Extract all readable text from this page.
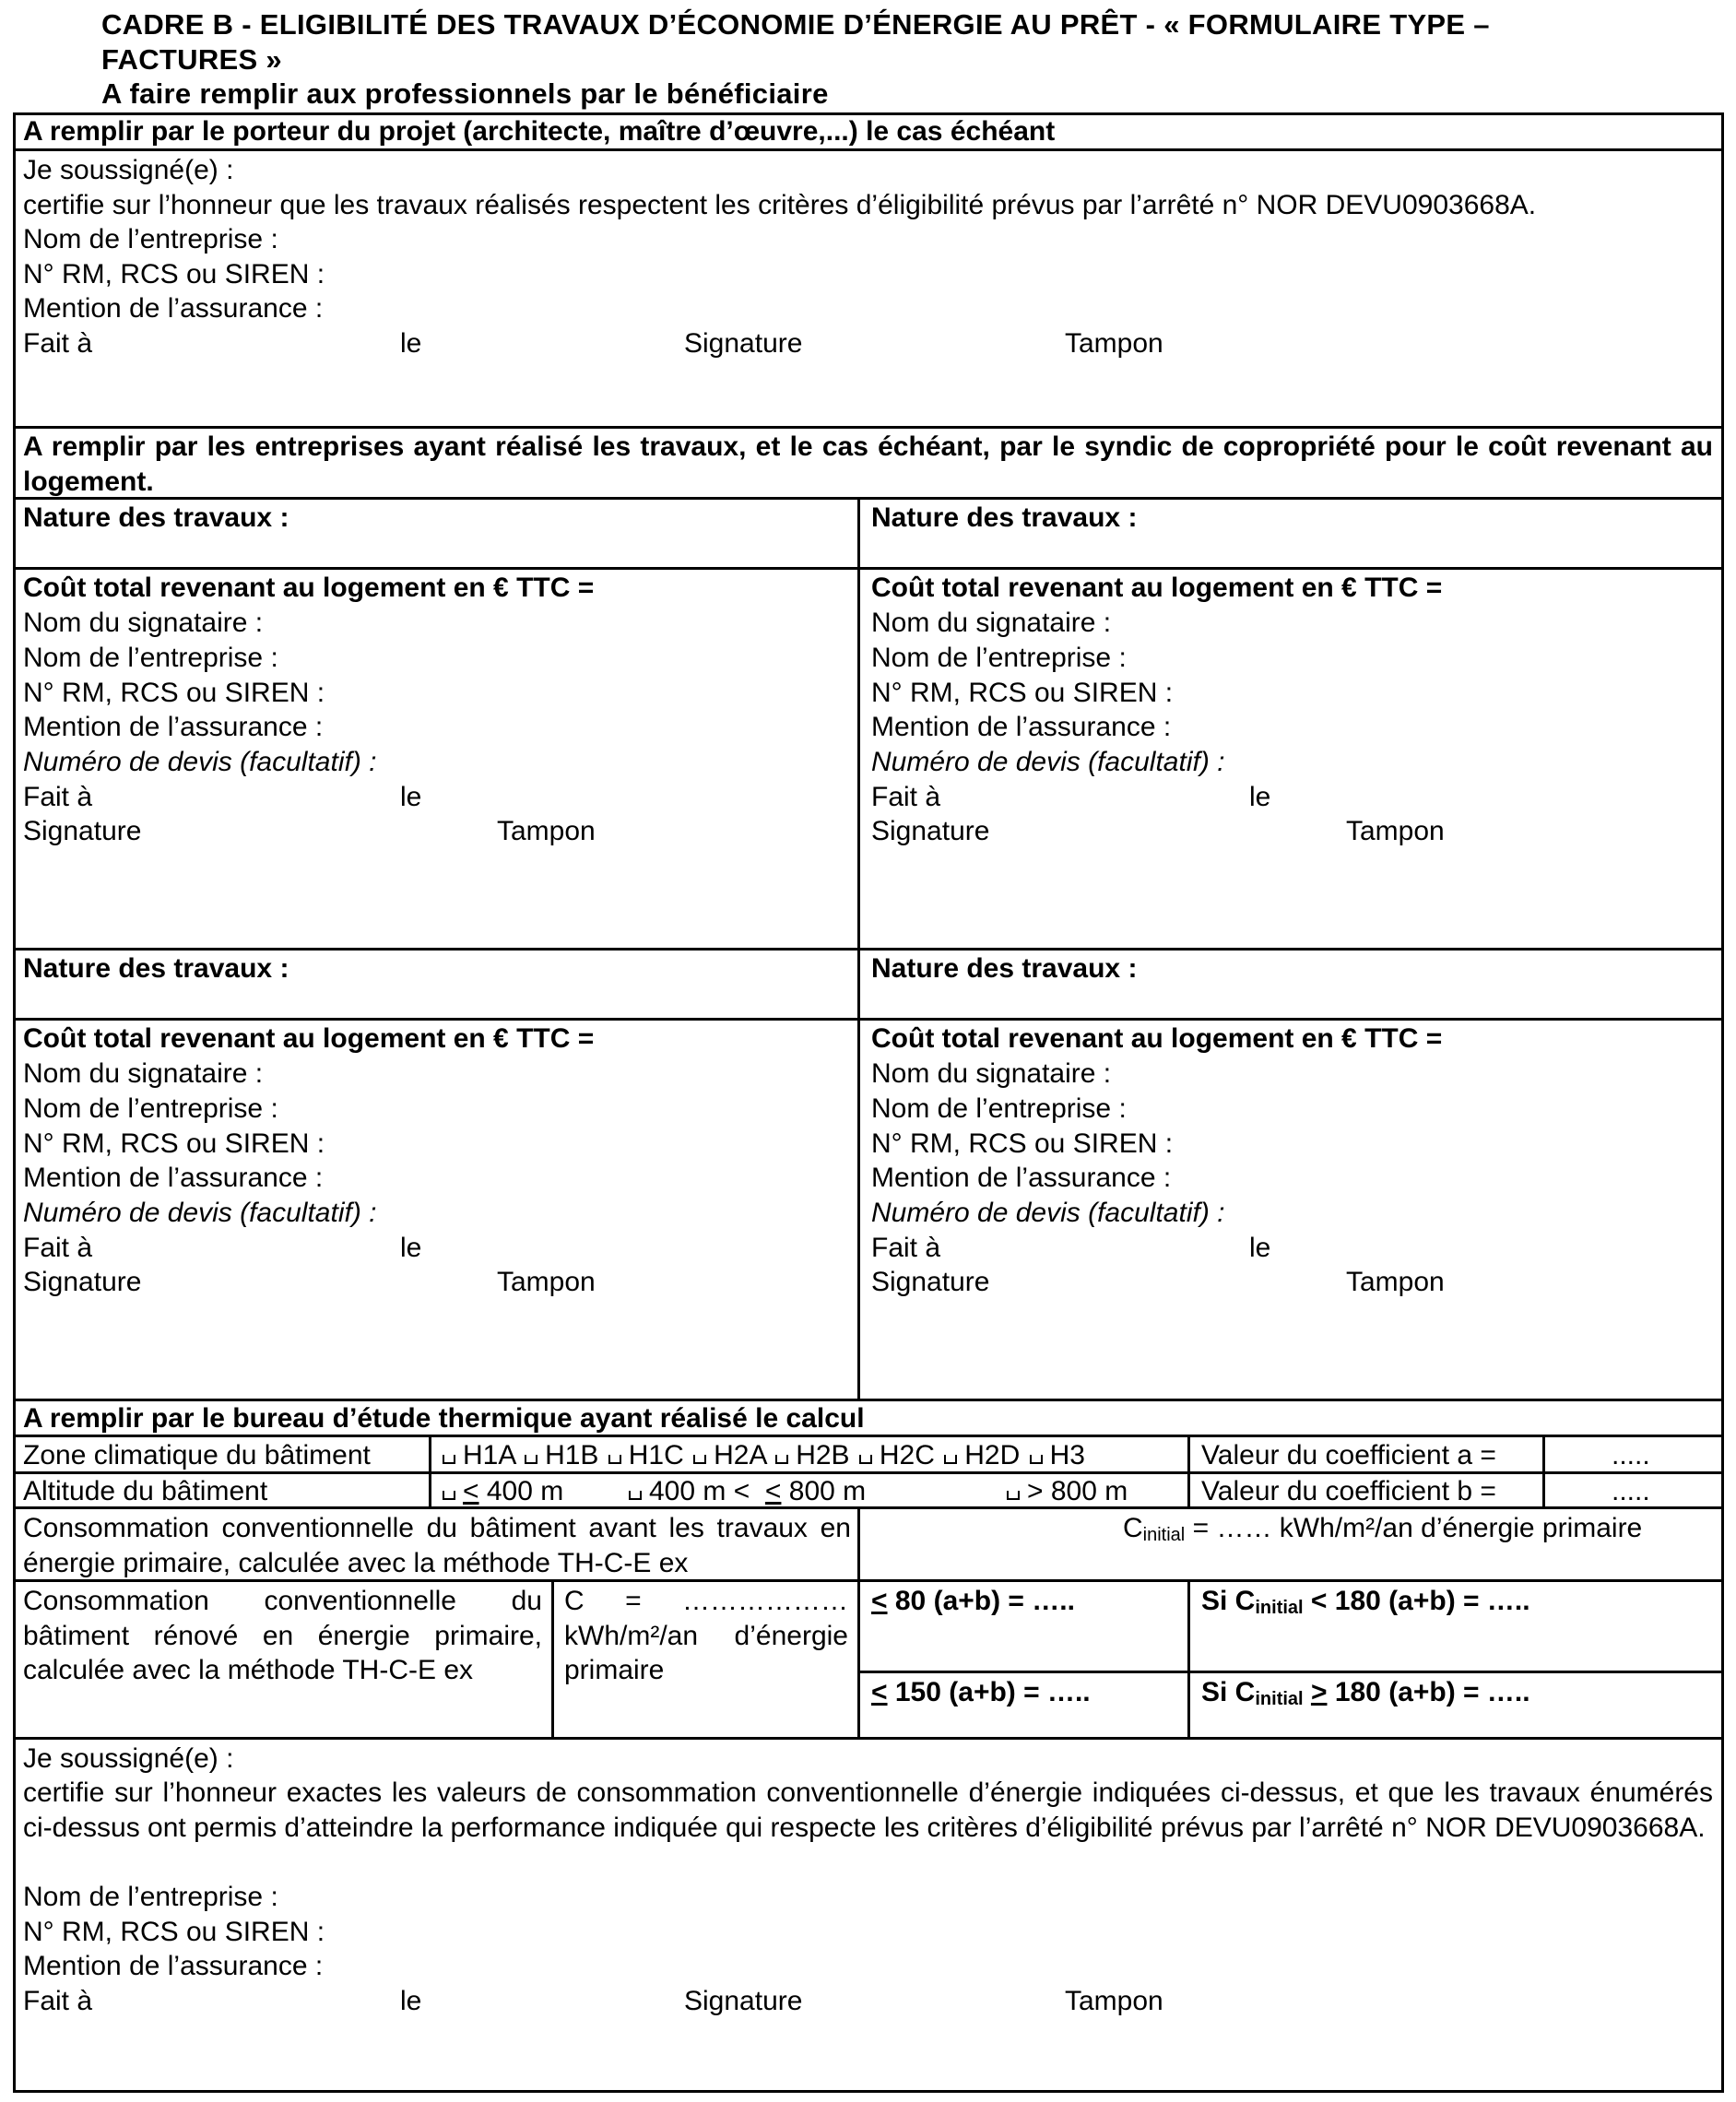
CADRE B - ELIGIBILITÉ DES TRAVAUX D’ÉCONOMIE D’ÉNERGIE AU PRÊT - « FORMULAIRE TYPE –
FACTURES »
A faire remplir aux professionnels par le bénéficiaire
A remplir par le porteur du projet (architecte, maître d’œuvre,...) le cas échéant
Je soussigné(e) :
certifie sur l’honneur que les travaux réalisés respectent les critères d’éligibilité prévus par l’arrêté n° NOR DEVU0903668A.
Nom de l’entreprise :
N° RM, RCS ou SIREN :
Mention de l’assurance :
Fait à	le	Signature	Tampon
A remplir par les entreprises ayant réalisé les travaux, et le cas échéant, par le syndic de copropriété pour le coût revenant au logement.
Nature des travaux :
Coût total revenant au logement en € TTC =
Nom du signataire :
Nom de l’entreprise :
N° RM, RCS ou SIREN :
Mention de l’assurance :
Numéro de devis (facultatif) :
Fait à	le
Signature	Tampon
Nature des travaux :
Coût total revenant au logement en € TTC =
Nom du signataire :
Nom de l’entreprise :
N° RM, RCS ou SIREN :
Mention de l’assurance :
Numéro de devis (facultatif) :
Fait à	le
Signature	Tampon
Nature des travaux :
Coût total revenant au logement en € TTC =
Nom du signataire :
Nom de l’entreprise :
N° RM, RCS ou SIREN :
Mention de l’assurance :
Numéro de devis (facultatif) :
Fait à	le
Signature	Tampon
Nature des travaux :
Coût total revenant au logement en € TTC =
Nom du signataire :
Nom de l’entreprise :
N° RM, RCS ou SIREN :
Mention de l’assurance :
Numéro de devis (facultatif) :
Fait à	le
Signature	Tampon
A remplir par le bureau d’étude thermique ayant réalisé le calcul
Zone climatique du bâtiment	H1A H1B H1C H2A H2B H2C H2D H3	Valeur du coefficient a =	.....
Altitude du bâtiment	≤ 400 m	400 m < ≤ 800 m	> 800 m	Valeur du coefficient b =	.....
Consommation conventionnelle du bâtiment avant les travaux en énergie primaire, calculée avec la méthode TH-C-E ex
$C_{initial}$ = …… kWh/m²/an d’énergie primaire
Consommation conventionnelle du bâtiment rénové en énergie primaire, calculée avec la méthode TH-C-E ex
C = ……………… kWh/m²/an d’énergie primaire
≤ 80 (a+b) = …..	Si $C_{initial} < 180$ (a+b) = …..
≤ 150 (a+b) = …..	Si $C_{initial} \ge 180$ (a+b) = …..
Je soussigné(e) :
certifie sur l’honneur exactes les valeurs de consommation conventionnelle d’énergie indiquées ci-dessus, et que les travaux énumérés ci-dessus ont permis d’atteindre la performance indiquée qui respecte les critères d’éligibilité prévus par l’arrêté n° NOR DEVU0903668A.
Nom de l’entreprise :
N° RM, RCS ou SIREN :
Mention de l’assurance :
Fait à	le	Signature	Tampon
